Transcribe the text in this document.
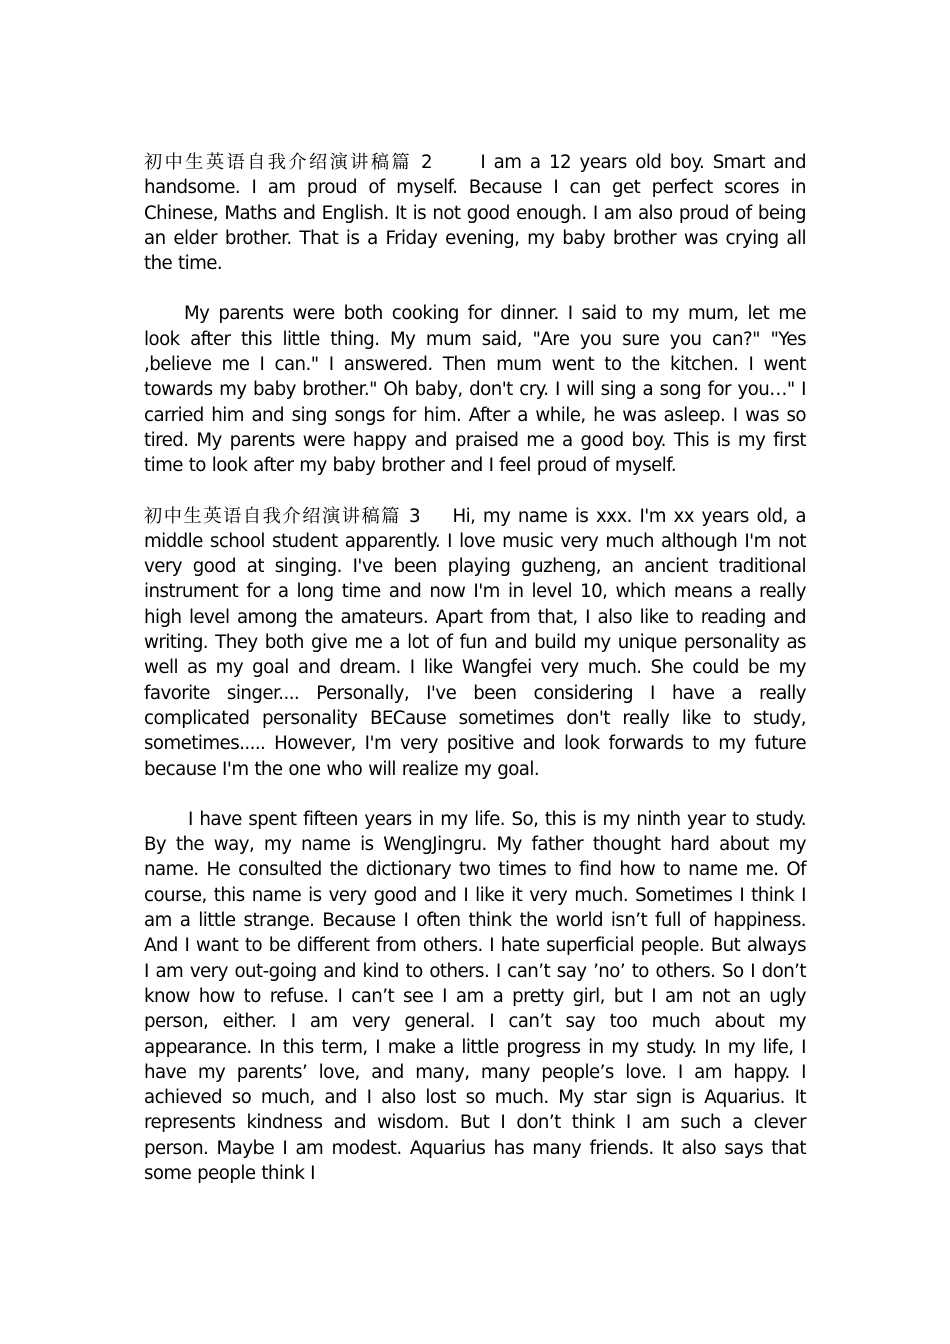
初中生英语自我介绍演讲稿篇 2	I am a 12 years old boy. Smart and handsome. I am proud of myself. Because I can get perfect scores in Chinese, Maths and English. It is not good enough. I am also proud of being an elder brother. That is a Friday evening, my baby brother was crying all the time.

My parents were both cooking for dinner. I said to my mum, let me look after this little thing. My mum said, "Are you sure you can?" "Yes ,believe me I can." I answered. Then mum went to the kitchen. I went towards my baby brother." Oh baby, don't cry. I will sing a song for you…" I carried him and sing songs for him. After a while, he was asleep. I was so tired. My parents were happy and praised me a good boy. This is my first time to look after my baby brother and I feel proud of myself.

初中生英语自我介绍演讲稿篇 3 Hi, my name is xxx. I'm xx years old, a middle school student apparently. I love music very much although I'm not very good at singing. I've been playing guzheng, an ancient traditional instrument for a long time and now I'm in level 10, which means a really high level among the amateurs. Apart from that, I also like to reading and writing. They both give me a lot of fun and build my unique personality as well as my goal and dream. I like Wangfei very much. She could be my favorite singer.... Personally, I've been considering I have a really complicated personality BECause sometimes don't really like to study, sometimes..... However, I'm very positive and look forwards to my future because I'm the one who will realize my goal.

I have spent fifteen years in my life. So, this is my ninth year to study. By the way, my name is WengJingru. My father thought hard about my name. He consulted the dictionary two times to find how to name me. Of course, this name is very good and I like it very much. Sometimes I think I am a little strange. Because I often think the world isn’t full of happiness. And I want to be different from others. I hate superficial people. But always I am very out-going and kind to others. I can’t say ’no’ to others. So I don’t know how to refuse. I can’t see I am a pretty girl, but I am not an ugly person, either. I am very general. I can’t say too much about my appearance. In this term, I make a little progress in my study. In my life, I have my parents’ love, and many, many people’s love. I am happy. I achieved so much, and I also lost so much. My star sign is Aquarius. It represents kindness and wisdom. But I don’t think I am such a clever person. Maybe I am modest. Aquarius has many friends. It also says that some people think I
